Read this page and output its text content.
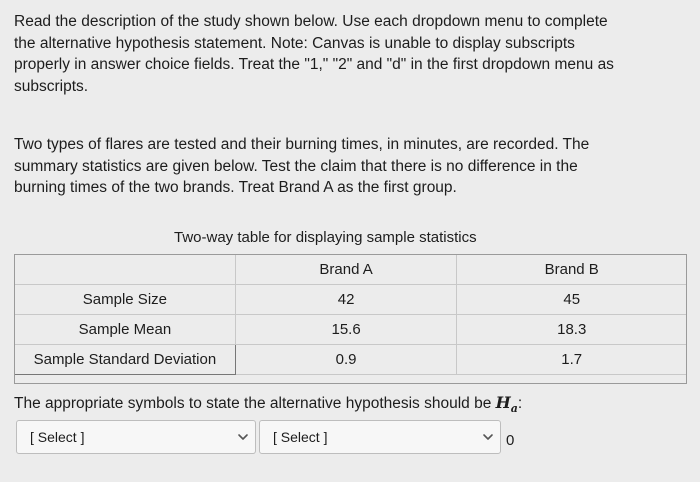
Read the description of the study shown below. Use each dropdown menu to complete
the alternative hypothesis statement. Note: Canvas is unable to display subscripts
properly in answer choice fields. Treat the "1," "2" and "d" in the first dropdown menu as
subscripts.
Two types of flares are tested and their burning times, in minutes, are recorded. The
summary statistics are given below. Test the claim that there is no difference in the
burning times of the two brands. Treat Brand A as the first group.
Two-way table for displaying sample statistics
	Brand A	Brand B
Sample Size	42	45
Sample Mean	15.6	18.3
Sample Standard Deviation	0.9	1.7
The appropriate symbols to state the alternative hypothesis should be $H_a$:
[ Select ]	[ Select ]	0
